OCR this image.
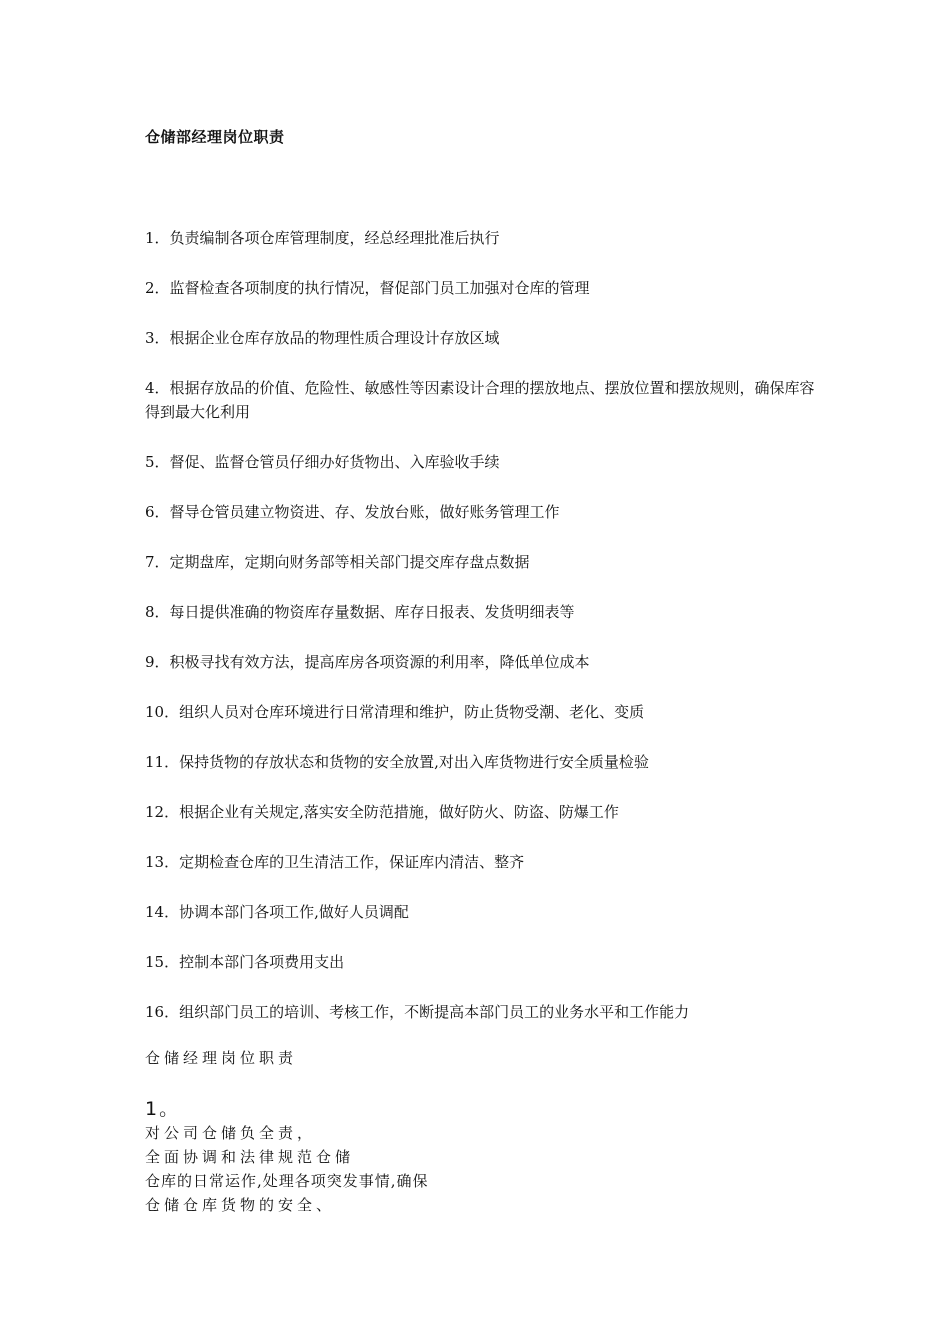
仓储部经理岗位职责
1．负责编制各项仓库管理制度，经总经理批准后执行
2．监督检查各项制度的执行情况，督促部门员工加强对仓库的管理
3．根据企业仓库存放品的物理性质合理设计存放区域
4．根据存放品的价值、危险性、敏感性等因素设计合理的摆放地点、摆放位置和摆放规则，确保库容得到最大化利用
5．督促、监督仓管员仔细办好货物出、入库验收手续
6．督导仓管员建立物资进、存、发放台账，做好账务管理工作
7．定期盘库，定期向财务部等相关部门提交库存盘点数据
8．每日提供准确的物资库存量数据、库存日报表、发货明细表等
9．积极寻找有效方法，提高库房各项资源的利用率，降低单位成本
10．组织人员对仓库环境进行日常清理和维护，防止货物受潮、老化、变质
11．保持货物的存放状态和货物的安全放置,对出入库货物进行安全质量检验
12．根据企业有关规定,落实安全防范措施，做好防火、防盗、防爆工作
13．定期检查仓库的卫生清洁工作，保证库内清洁、整齐
14．协调本部门各项工作,做好人员调配
15．控制本部门各项费用支出
16．组织部门员工的培训、考核工作，不断提高本部门员工的业务水平和工作能力
仓储经理岗位职责
1。
对公司仓储负全责，
全面协调和法律规范仓储
仓库的日常运作,处理各项突发事情,确保
仓储仓库货物的安全、
